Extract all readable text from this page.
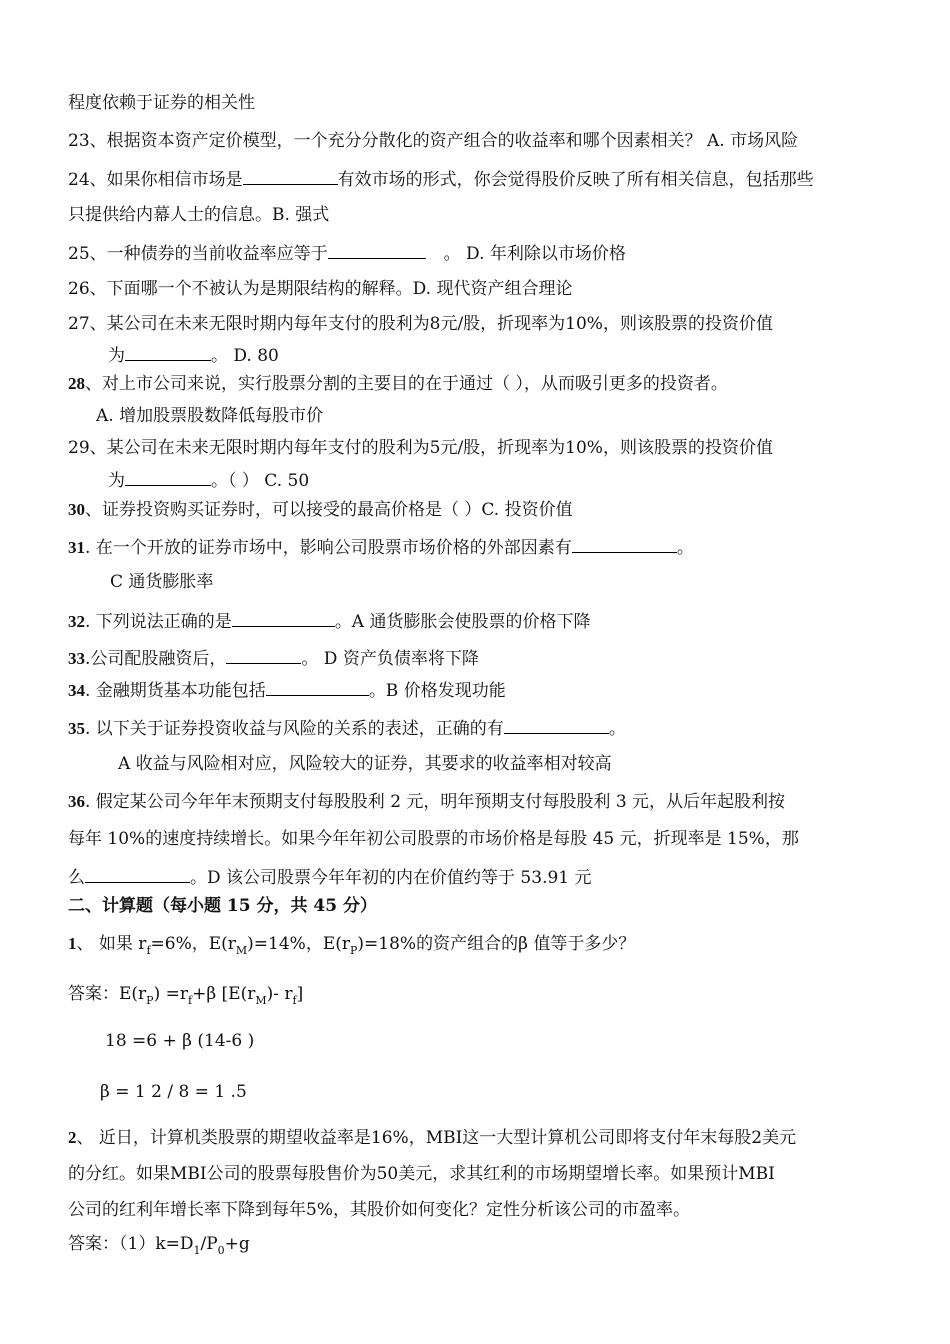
程度依赖于证券的相关性
23、根据资本资产定价模型，一个充分分散化的资产组合的收益率和哪个因素相关？ A. 市场风险
24、如果你相信市场是	有效市场的形式，你会觉得股价反映了所有相关信息，包括那些
只提供给内幕人士的信息。B. 强式
25、一种债券的当前收益率应等于	。 D. 年利除以市场价格
26、下面哪一个不被认为是期限结构的解释。D. 现代资产组合理论
27、某公司在未来无限时期内每年支付的股利为8元/股，折现率为10%，则该股票的投资价值
为	。 D. 80
28、对上市公司来说，实行股票分割的主要目的在于通过（ ），从而吸引更多的投资者。
A. 增加股票股数降低每股市价
29、某公司在未来无限时期内每年支付的股利为5元/股，折现率为10%，则该股票的投资价值
为	。（ ） C. 50
30、证券投资购买证券时，可以接受的最高价格是（ ）C. 投资价值
31. 在一个开放的证券市场中，影响公司股票市场价格的外部因素有	。
C 通货膨胀率
32. 下列说法正确的是	。A 通货膨胀会使股票的价格下降
33.公司配股融资后，	。 D 资产负债率将下降
34. 金融期货基本功能包括	。B 价格发现功能
35. 以下关于证券投资收益与风险的关系的表述，正确的有	。
A 收益与风险相对应，风险较大的证券，其要求的收益率相对较高
36. 假定某公司今年年末预期支付每股股利 2 元，明年预期支付每股股利 3 元，从后年起股利按
每年 10%的速度持续增长。如果今年年初公司股票的市场价格是每股 45 元，折现率是 15%，那
么	。D 该公司股票今年年初的内在价值约等于 53.91 元
二、计算题（每小题 15 分，共 45 分）
1、 如果 $r_f=6\%$，$E(r_M)=14\%$，$E(r_P)=18\%$的资产组合的β 值等于多少？
答案：$E(r_P) =r_f+\beta$ [$E(r_M)-$ $r_f$]
18 =6 + β (14-6 )
β = 1 2 / 8 = 1 .5
2、 近日，计算机类股票的期望收益率是16%，MBI这一大型计算机公司即将支付年末每股2美元
的分红。如果MBI公司的股票每股售价为50美元，求其红利的市场期望增长率。如果预计MBI
公司的红利年增长率下降到每年5%，其股价如何变化？定性分析该公司的市盈率。
答案：$(1)k=D_1/P_0+g$
